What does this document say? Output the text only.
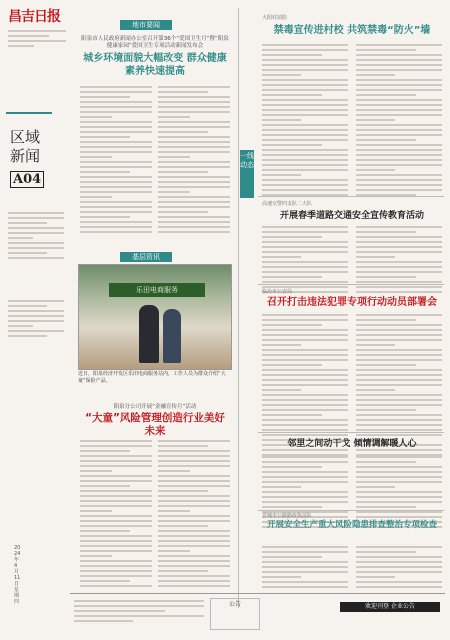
昌吉日报
区域新闻
A04
2024年4月11日 星期四
地市要闻
阳泉市人民政府新闻办公室召开第36个“爱国卫生月”暨“阳泉健康家园”爱国卫生专项活动新闻发布会
城乡环境面貌大幅改变 群众健康素养快速提高
基层资讯
乐田电商服务
近日，阳泉经济开发区乐田电商服务站内，工作人员为群众介绍“大童”保险产品。
阳泉分公司开展“金融宣传月”活动
“大童”风险管理创造行业美好未来
一线动态
大阳村消防
禁毒宣传进村校 共筑禁毒“防火”墙
高速交警四支队二大队
开展春季道路交通安全宣传教育活动
临汾市公安局
召开打击违法犯罪专项行动动员部署会
邻里之间动干戈 倾情调解暖人心
晋城市公路路政执法队
开展安全生产重大风险隐患排查整治专项检查
公告	欢迎刊登 企业公告
